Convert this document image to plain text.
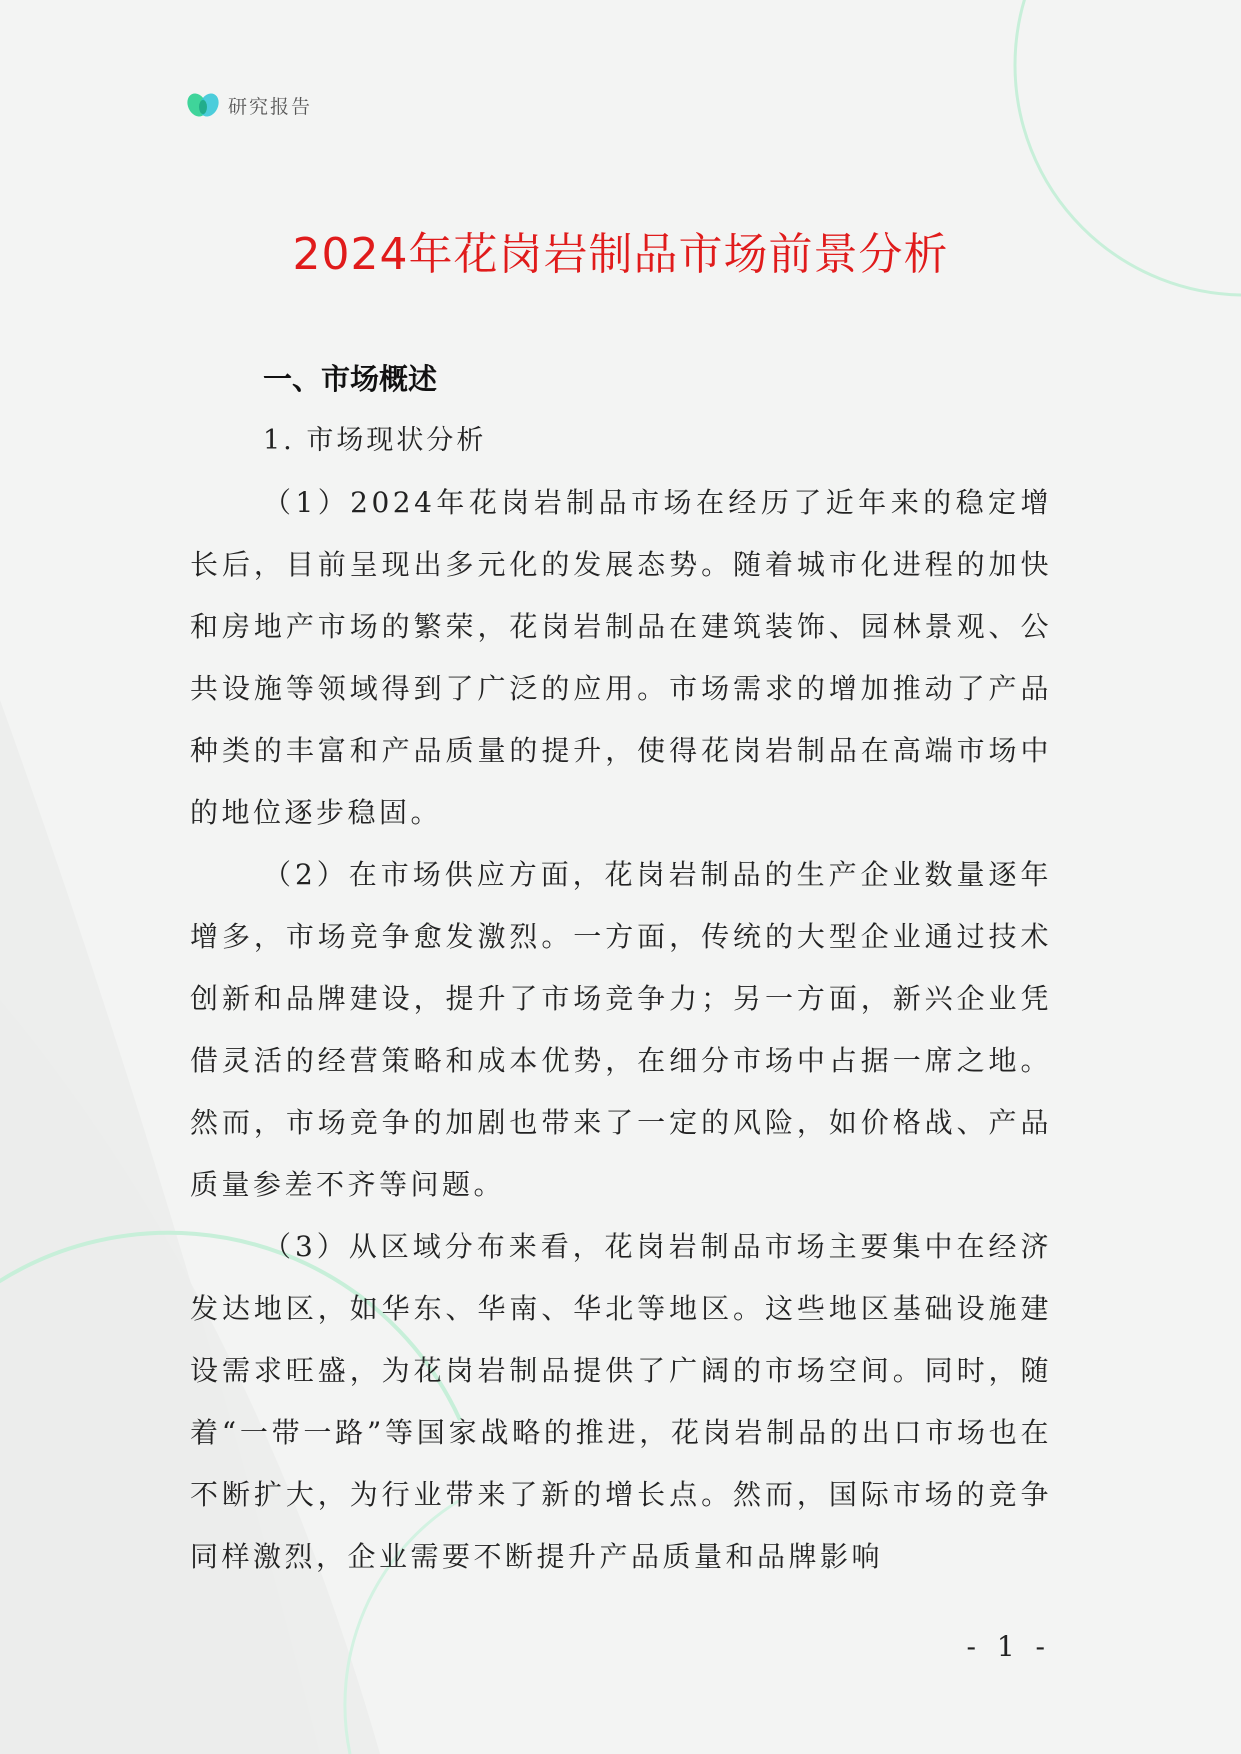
研究报告
2024年花岗岩制品市场前景分析
一、市场概述
1. 市场现状分析

（1）2024年花岗岩制品市场在经历了近年来的稳定增长后，目前呈现出多元化的发展态势。随着城市化进程的加快和房地产市场的繁荣，花岗岩制品在建筑装饰、园林景观、公共设施等领域得到了广泛的应用。市场需求的增加推动了产品种类的丰富和产品质量的提升，使得花岗岩制品在高端市场中的地位逐步稳固。

（2）在市场供应方面，花岗岩制品的生产企业数量逐年增多，市场竞争愈发激烈。一方面，传统的大型企业通过技术创新和品牌建设，提升了市场竞争力；另一方面，新兴企业凭借灵活的经营策略和成本优势，在细分市场中占据一席之地。然而，市场竞争的加剧也带来了一定的风险，如价格战、产品质量参差不齐等问题。

（3）从区域分布来看，花岗岩制品市场主要集中在经济发达地区，如华东、华南、华北等地区。这些地区基础设施建设需求旺盛，为花岗岩制品提供了广阔的市场空间。同时，随着“一带一路”等国家战略的推进，花岗岩制品的出口市场也在不断扩大，为行业带来了新的增长点。然而，国际市场的竞争同样激烈，企业需要不断提升产品质量和品牌影响

- 1 -
